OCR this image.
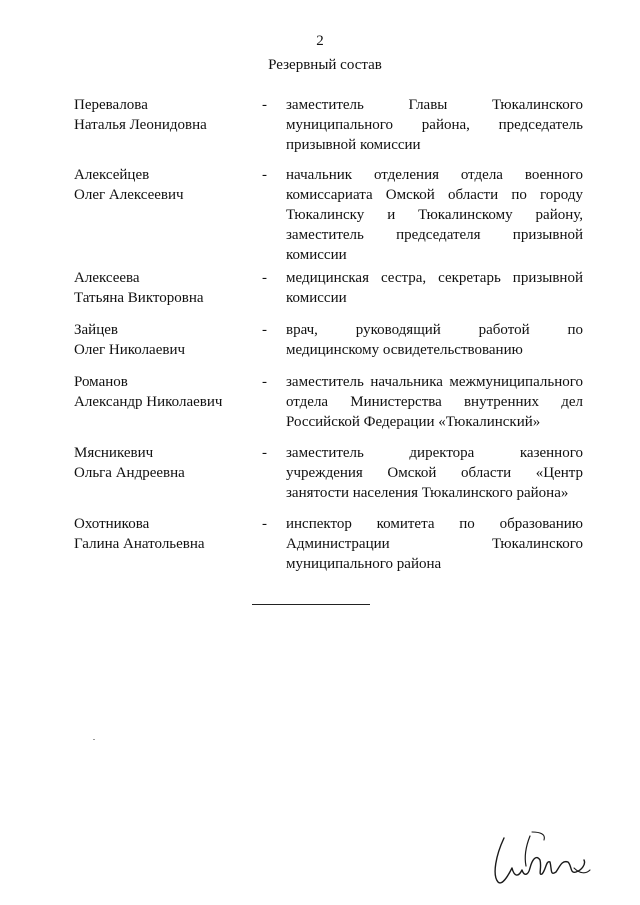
2
Резервный состав
Перевалова
Наталья Леонидовна
- заместитель Главы Тюкалинского
муниципального района, председатель
призывной комиссии
Алексейцев
Олег Алексеевич
- начальник отделения отдела военного
комиссариата Омской области по городу
Тюкалинску и Тюкалинскому району,
заместитель председателя призывной
комиссии
Алексеева
Татьяна Викторовна
- медицинская сестра, секретарь призывной
комиссии
Зайцев
Олег Николаевич
- врач, руководящий работой по
медицинскому освидетельствованию
Романов
Александр Николаевич
- заместитель начальника межмуниципального
отдела Министерства внутренних дел
Российской Федерации «Тюкалинский»
Мясникевич
Ольга Андреевна
- заместитель директора казенного
учреждения Омской области «Центр
занятости населения Тюкалинского района»
Охотникова
Галина Анатольевна
- инспектор комитета по образованию
Администрации Тюкалинского
муниципального района
